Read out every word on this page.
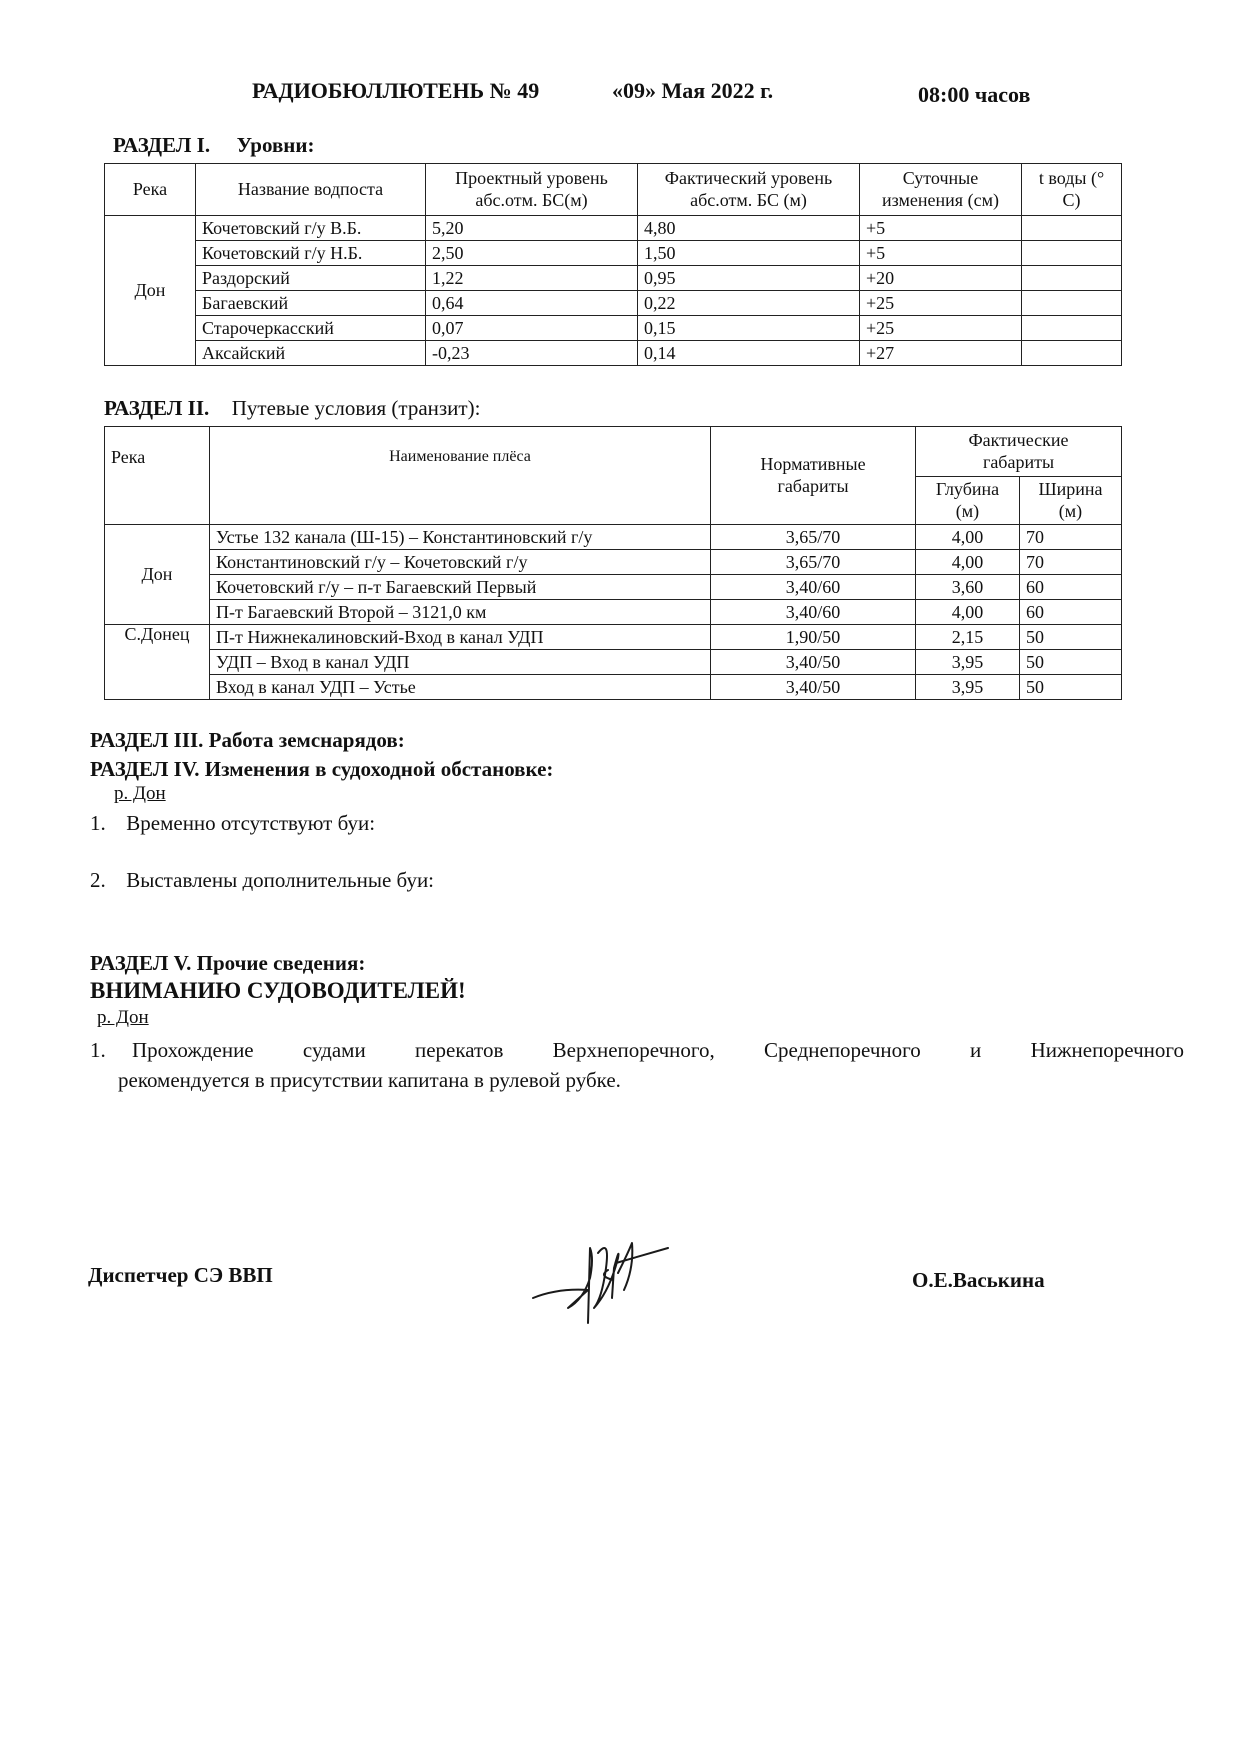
РАДИОБЮЛЛЮТЕНЬ № 49	«09» Мая 2022 г.	08:00 часов
РАЗДЕЛ I. Уровни:
Река	Название водпоста	Проектный уровень абс.отм. БС(м)	Фактический уровень абс.отм. БС (м)	Суточные изменения (см)	t воды (° С)
Дон	Кочетовский г/у В.Б.	5,20	4,80	+5	
	Кочетовский г/у Н.Б.	2,50	1,50	+5	
	Раздорский	1,22	0,95	+20	
	Багаевский	0,64	0,22	+25	
	Старочеркасский	0,07	0,15	+25	
	Аксайский	-0,23	0,14	+27	
РАЗДЕЛ II. Путевые условия (транзит):
Река	Наименование плёса	Нормативные габариты	Фактические габариты	
			Глубина (м)	Ширина (м)
Дон	Устье 132 канала (Ш-15) – Константиновский г/у	3,65/70	4,00	70
	Константиновский г/у – Кочетовский г/у	3,65/70	4,00	70
	Кочетовский г/у – п-т Багаевский Первый	3,40/60	3,60	60
	П-т Багаевский Второй – 3121,0 км	3,40/60	4,00	60
С.Донец	П-т Нижнекалиновский-Вход в канал УДП	1,90/50	2,15	50
	УДП – Вход в канал УДП	3,40/50	3,95	50
	Вход в канал УДП – Устье	3,40/50	3,95	50
РАЗДЕЛ III. Работа земснарядов:
РАЗДЕЛ IV. Изменения в судоходной обстановке:
р. Дон
1. Временно отсутствуют буи:
2. Выставлены дополнительные буи:
РАЗДЕЛ V. Прочие сведения:
ВНИМАНИЮ СУДОВОДИТЕЛЕЙ!
р. Дон
1. Прохождение судами перекатов Верхнепоречного, Среднепоречного и Нижнепоречного
рекомендуется в присутствии капитана в рулевой рубке.
Диспетчер СЭ ВВП	О.Е.Васькина
